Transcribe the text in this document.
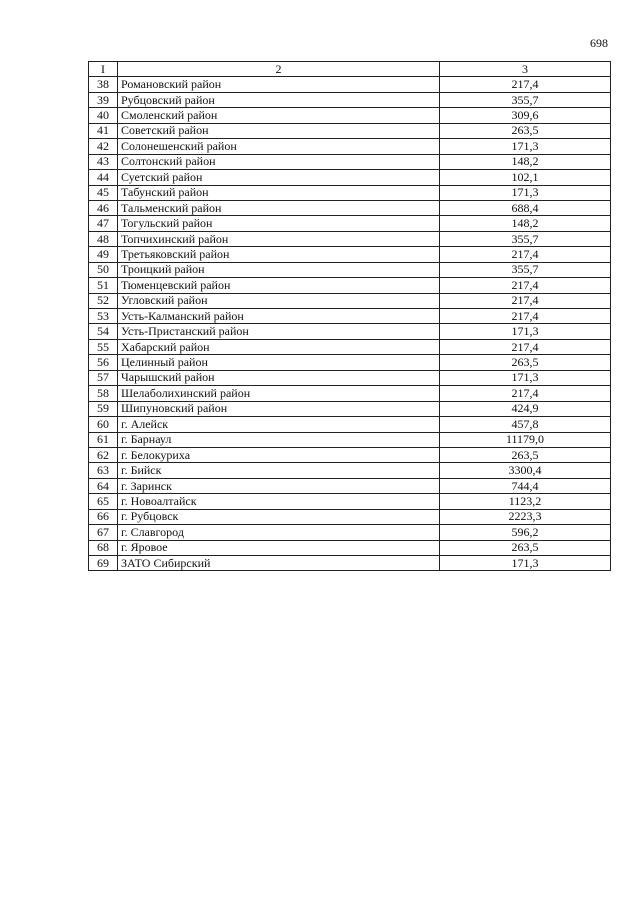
698
I	2	3
38	Романовский район	217,4
39	Рубцовский район	355,7
40	Смоленский район	309,6
41	Советский район	263,5
42	Солонешенский район	171,3
43	Солтонский район	148,2
44	Суетский район	102,1
45	Табунский район	171,3
46	Тальменский район	688,4
47	Тогульский район	148,2
48	Топчихинский район	355,7
49	Третьяковский район	217,4
50	Троицкий район	355,7
51	Тюменцевский район	217,4
52	Угловский район	217,4
53	Усть-Калманский район	217,4
54	Усть-Пристанский район	171,3
55	Хабарский район	217,4
56	Целинный район	263,5
57	Чарышский район	171,3
58	Шелаболихинский район	217,4
59	Шипуновский район	424,9
60	г. Алейск	457,8
61	г. Барнаул	11179,0
62	г. Белокуриха	263,5
63	г. Бийск	3300,4
64	г. Заринск	744,4
65	г. Новоалтайск	1123,2
66	г. Рубцовск	2223,3
67	г. Славгород	596,2
68	г. Яровое	263,5
69	ЗАТО Сибирский	171,3
